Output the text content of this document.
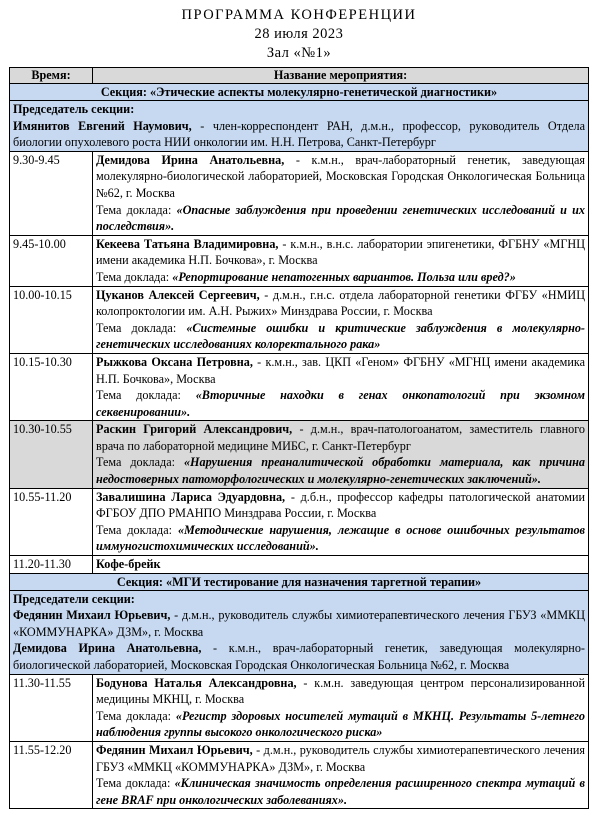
ПРОГРАММА КОНФЕРЕНЦИИ
28 июля 2023
Зал «№1»
Время:	Название мероприятия:
Секция: «Этические аспекты молекулярно-генетической диагностики»	

Председатель секции:

Имянитов Евгений Наумович, - член-корреспондент РАН, д.м.н., профессор, руководитель Отдела биологии опухолевого роста НИИ онкологии им. Н.Н. Петрова, Санкт-Петербург	

9.30-9.45	Демидова Ирина Анатольевна, - к.м.н., врач-лабораторный генетик, заведующая молекулярно-биологической лабораторией, Московская Городская Онкологическая Больница №62, г. Москва

Тема доклада: «Опасные заблуждения при проведении генетических исследований и их последствия».

9.45-10.00	Кекеева Татьяна Владимировна, - к.м.н., в.н.с. лаборатории эпигенетики, ФГБНУ «МГНЦ имени академика Н.П. Бочкова», г. Москва

Тема доклада: «Репортирование непатогенных вариантов. Польза или вред?»

10.00-10.15	Цуканов Алексей Сергеевич, - д.м.н., г.н.с. отдела лабораторной генетики ФГБУ «НМИЦ колопроктологии им. А.Н. Рыжих» Минздрава России, г. Москва

Тема доклада: «Системные ошибки и критические заблуждения в молекулярно-генетических исследованиях колоректального рака»

10.15-10.30	Рыжкова Оксана Петровна, - к.м.н., зав. ЦКП «Геном» ФГБНУ «МГНЦ имени академика Н.П. Бочкова», Москва

Тема доклада: «Вторичные находки в генах онкопатологий при экзомном секвенировании».

10.30-10.55	Раскин Григорий Александрович, - д.м.н., врач-патологоанатом, заместитель главного врача по лабораторной медицине МИБС, г. Санкт-Петербург

Тема доклада: «Нарушения преаналитической обработки материала, как причина недостоверных патоморфологических и молекулярно-генетических заключений».

10.55-11.20	Завалишина Лариса Эдуардовна, - д.б.н., профессор кафедры патологической анатомии ФГБОУ ДПО РМАНПО Минздрава России, г. Москва

Тема доклада: «Методические нарушения, лежащие в основе ошибочных результатов иммуногистохимических исследований».

11.20-11.30	Кофе-брейк
Секция: «МГИ тестирование для назначения таргетной терапии»	

Председатели секции:

Федянин Михаил Юрьевич, - д.м.н., руководитель службы химиотерапевтического лечения ГБУЗ «ММКЦ «КОММУНАРКА» ДЗМ», г. Москва

Демидова Ирина Анатольевна, - к.м.н., врач-лабораторный генетик, заведующая молекулярно-биологической лабораторией, Московская Городская Онкологическая Больница №62, г. Москва	

11.30-11.55	Бодунова Наталья Александровна, - к.м.н. заведующая центром персонализированной медицины МКНЦ, г. Москва

Тема доклада: «Регистр здоровых носителей мутаций в МКНЦ. Результаты 5-летнего наблюдения группы высокого онкологического риска»

11.55-12.20	Федянин Михаил Юрьевич, - д.м.н., руководитель службы химиотерапевтического лечения ГБУЗ «ММКЦ «КОММУНАРКА» ДЗМ», г. Москва

Тема доклада: «Клиническая значимость определения расширенного спектра мутаций в гене BRAF при онкологических заболеваниях».
